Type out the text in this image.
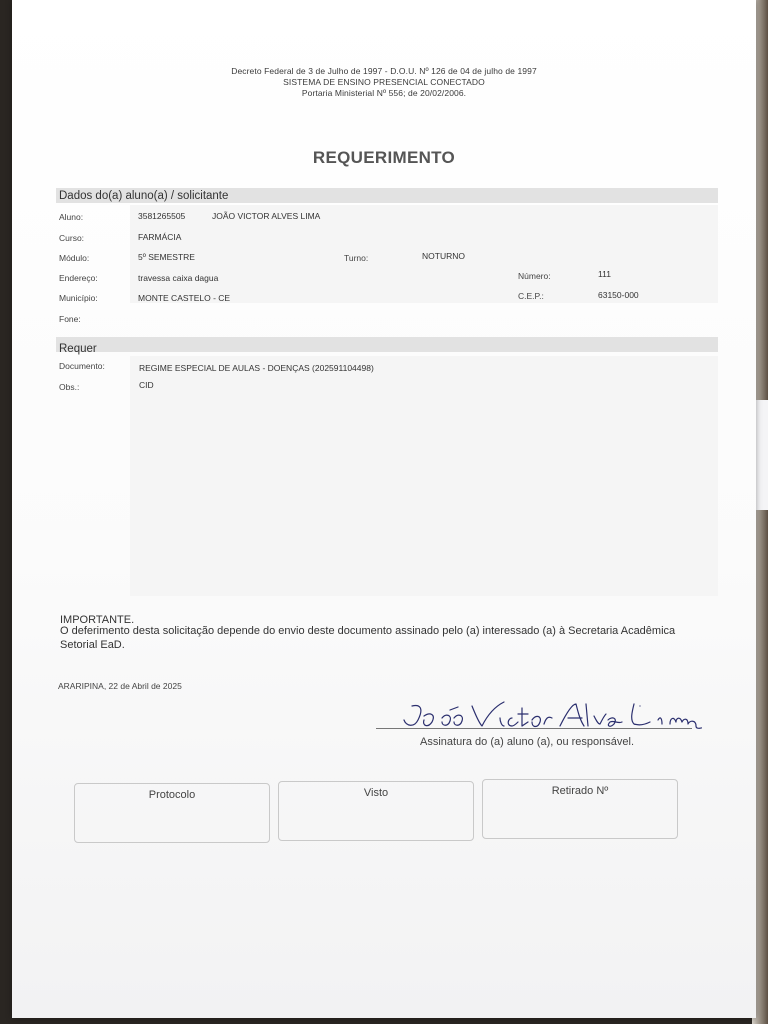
Decreto Federal de 3 de Julho de 1997 - D.O.U. Nº 126 de 04 de julho de 1997
SISTEMA DE ENSINO PRESENCIAL CONECTADO
Portaria Ministerial Nº 556; de 20/02/2006.
REQUERIMENTO
Dados do(a) aluno(a) / solicitante
Aluno:	3581265505	JOÃO VICTOR ALVES LIMA
Curso:	FARMÁCIA
Módulo:	5º SEMESTRE	Turno:	NOTURNO
Endereço:	travessa caixa dagua	Número:	111
Município:	MONTE CASTELO - CE	C.E.P.:	63150-000
Fone:
Requer
Documento:	REGIME ESPECIAL DE AULAS - DOENÇAS (202591104498)
Obs.:	CID
IMPORTANTE.
O deferimento desta solicitação depende do envio deste documento assinado pelo (a) interessado (a) à Secretaria Acadêmica Setorial EaD.
ARARIPINA, 22 de Abril de 2025
Assinatura do (a) aluno (a), ou responsável.
Protocolo	Visto	Retirado Nº
